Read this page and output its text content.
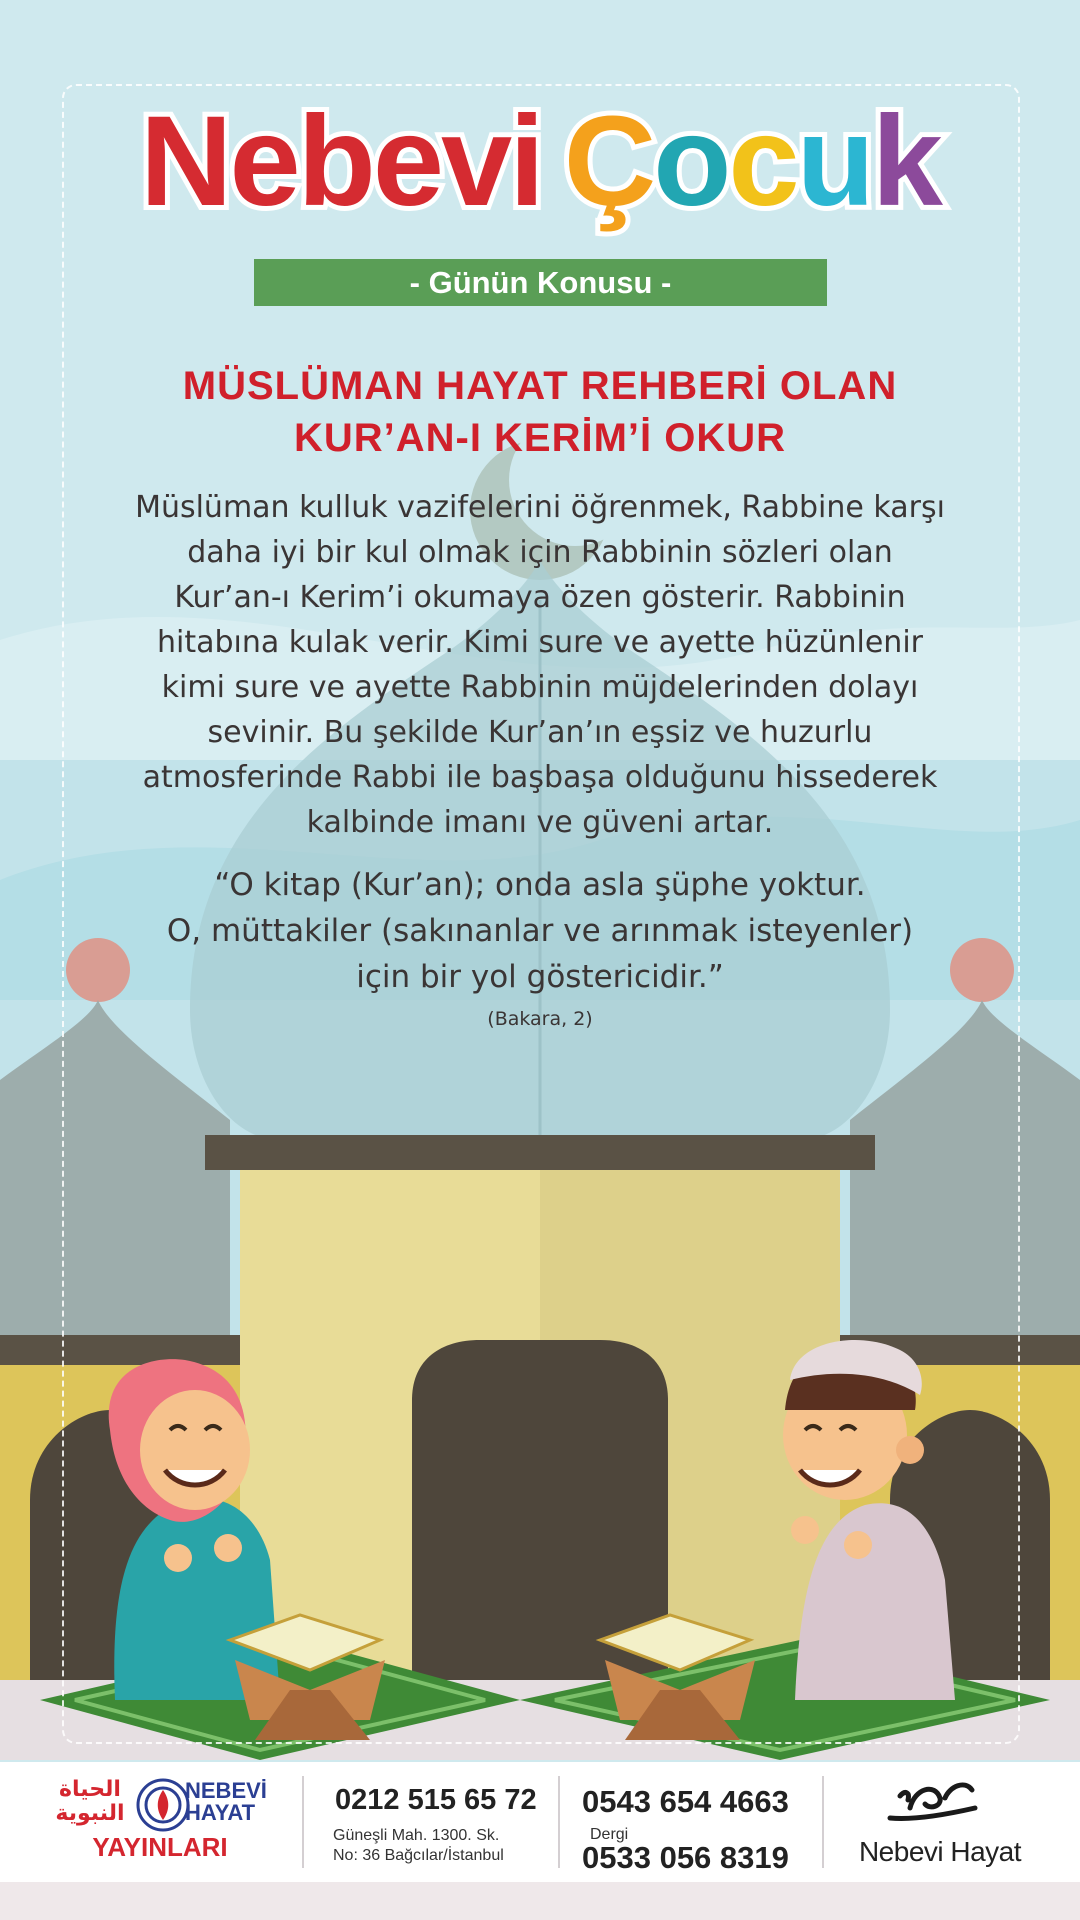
Nebevi Çocuk
- Günün Konusu -
MÜSLÜMAN HAYAT REHBERİ OLAN
KUR’AN-I KERİM’İ OKUR
Müslüman kulluk vazifelerini öğrenmek, Rabbine karşı
daha iyi bir kul olmak için Rabbinin sözleri olan
Kur’an-ı Kerim’i okumaya özen gösterir. Rabbinin
hitabına kulak verir. Kimi sure ve ayette hüzünlenir
kimi sure ve ayette Rabbinin müjdelerinden dolayı
sevinir. Bu şekilde Kur’an’ın eşsiz ve huzurlu
atmosferinde Rabbi ile başbaşa olduğunu hissederek
kalbinde imanı ve güveni artar.
“O kitap (Kur’an); onda asla şüphe yoktur.
O, müttakiler (sakınanlar ve arınmak isteyenler)
için bir yol göstericidir.”
(Bakara, 2)
الحياة
النبوية
NEBEVİ
HAYAT
YAYINLARI
0212 515 65 72
Güneşli Mah. 1300. Sk.
No: 36 Bağcılar/İstanbul
0543 654 4663
Dergi
0533 056 8319	Nebevi Hayat
